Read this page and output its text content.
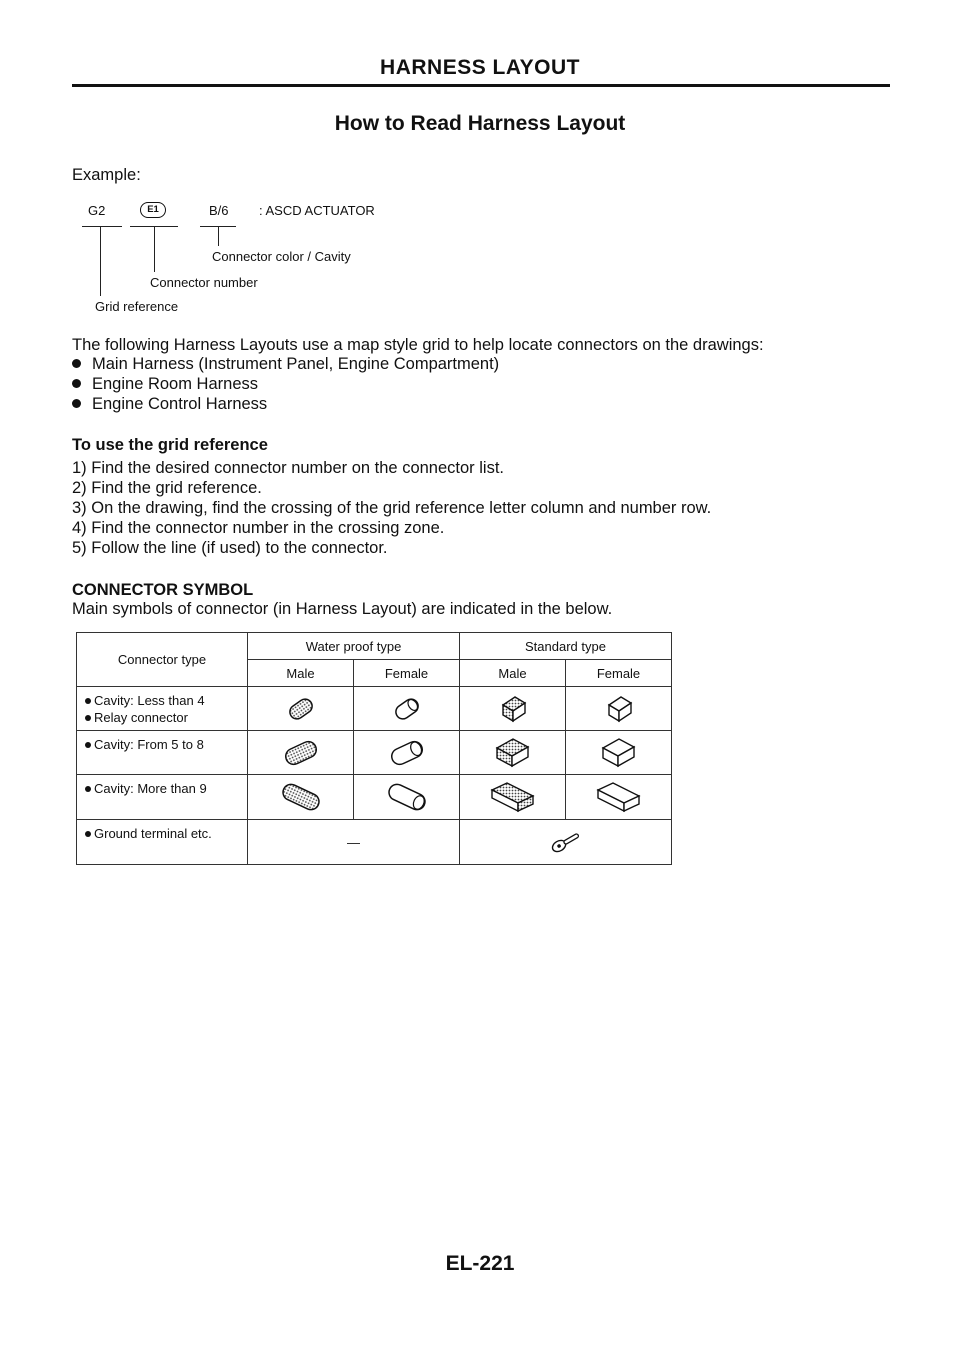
HARNESS LAYOUT
How to Read Harness Layout
Example:
G2	E1	B/6 : ASCD ACTUATOR
Connector color / Cavity
Connector number
Grid reference
The following Harness Layouts use a map style grid to help locate connectors on the drawings:
Main Harness (Instrument Panel, Engine Compartment)
Engine Room Harness
Engine Control Harness
To use the grid reference
1) Find the desired connector number on the connector list.
2) Find the grid reference.
3) On the drawing, find the crossing of the grid reference letter column and number row.
4) Find the connector number in the crossing zone.
5) Follow the line (if used) to the connector.
CONNECTOR SYMBOL
Main symbols of connector (in Harness Layout) are indicated in the below.
Connector type	Water proof type		Standard type	
	Male	Female	Male	Female

Cavity: Less than 4
Relay connector

Cavity: From 5 to 8

Cavity: More than 9

Ground terminal etc.	—	
EL-221
